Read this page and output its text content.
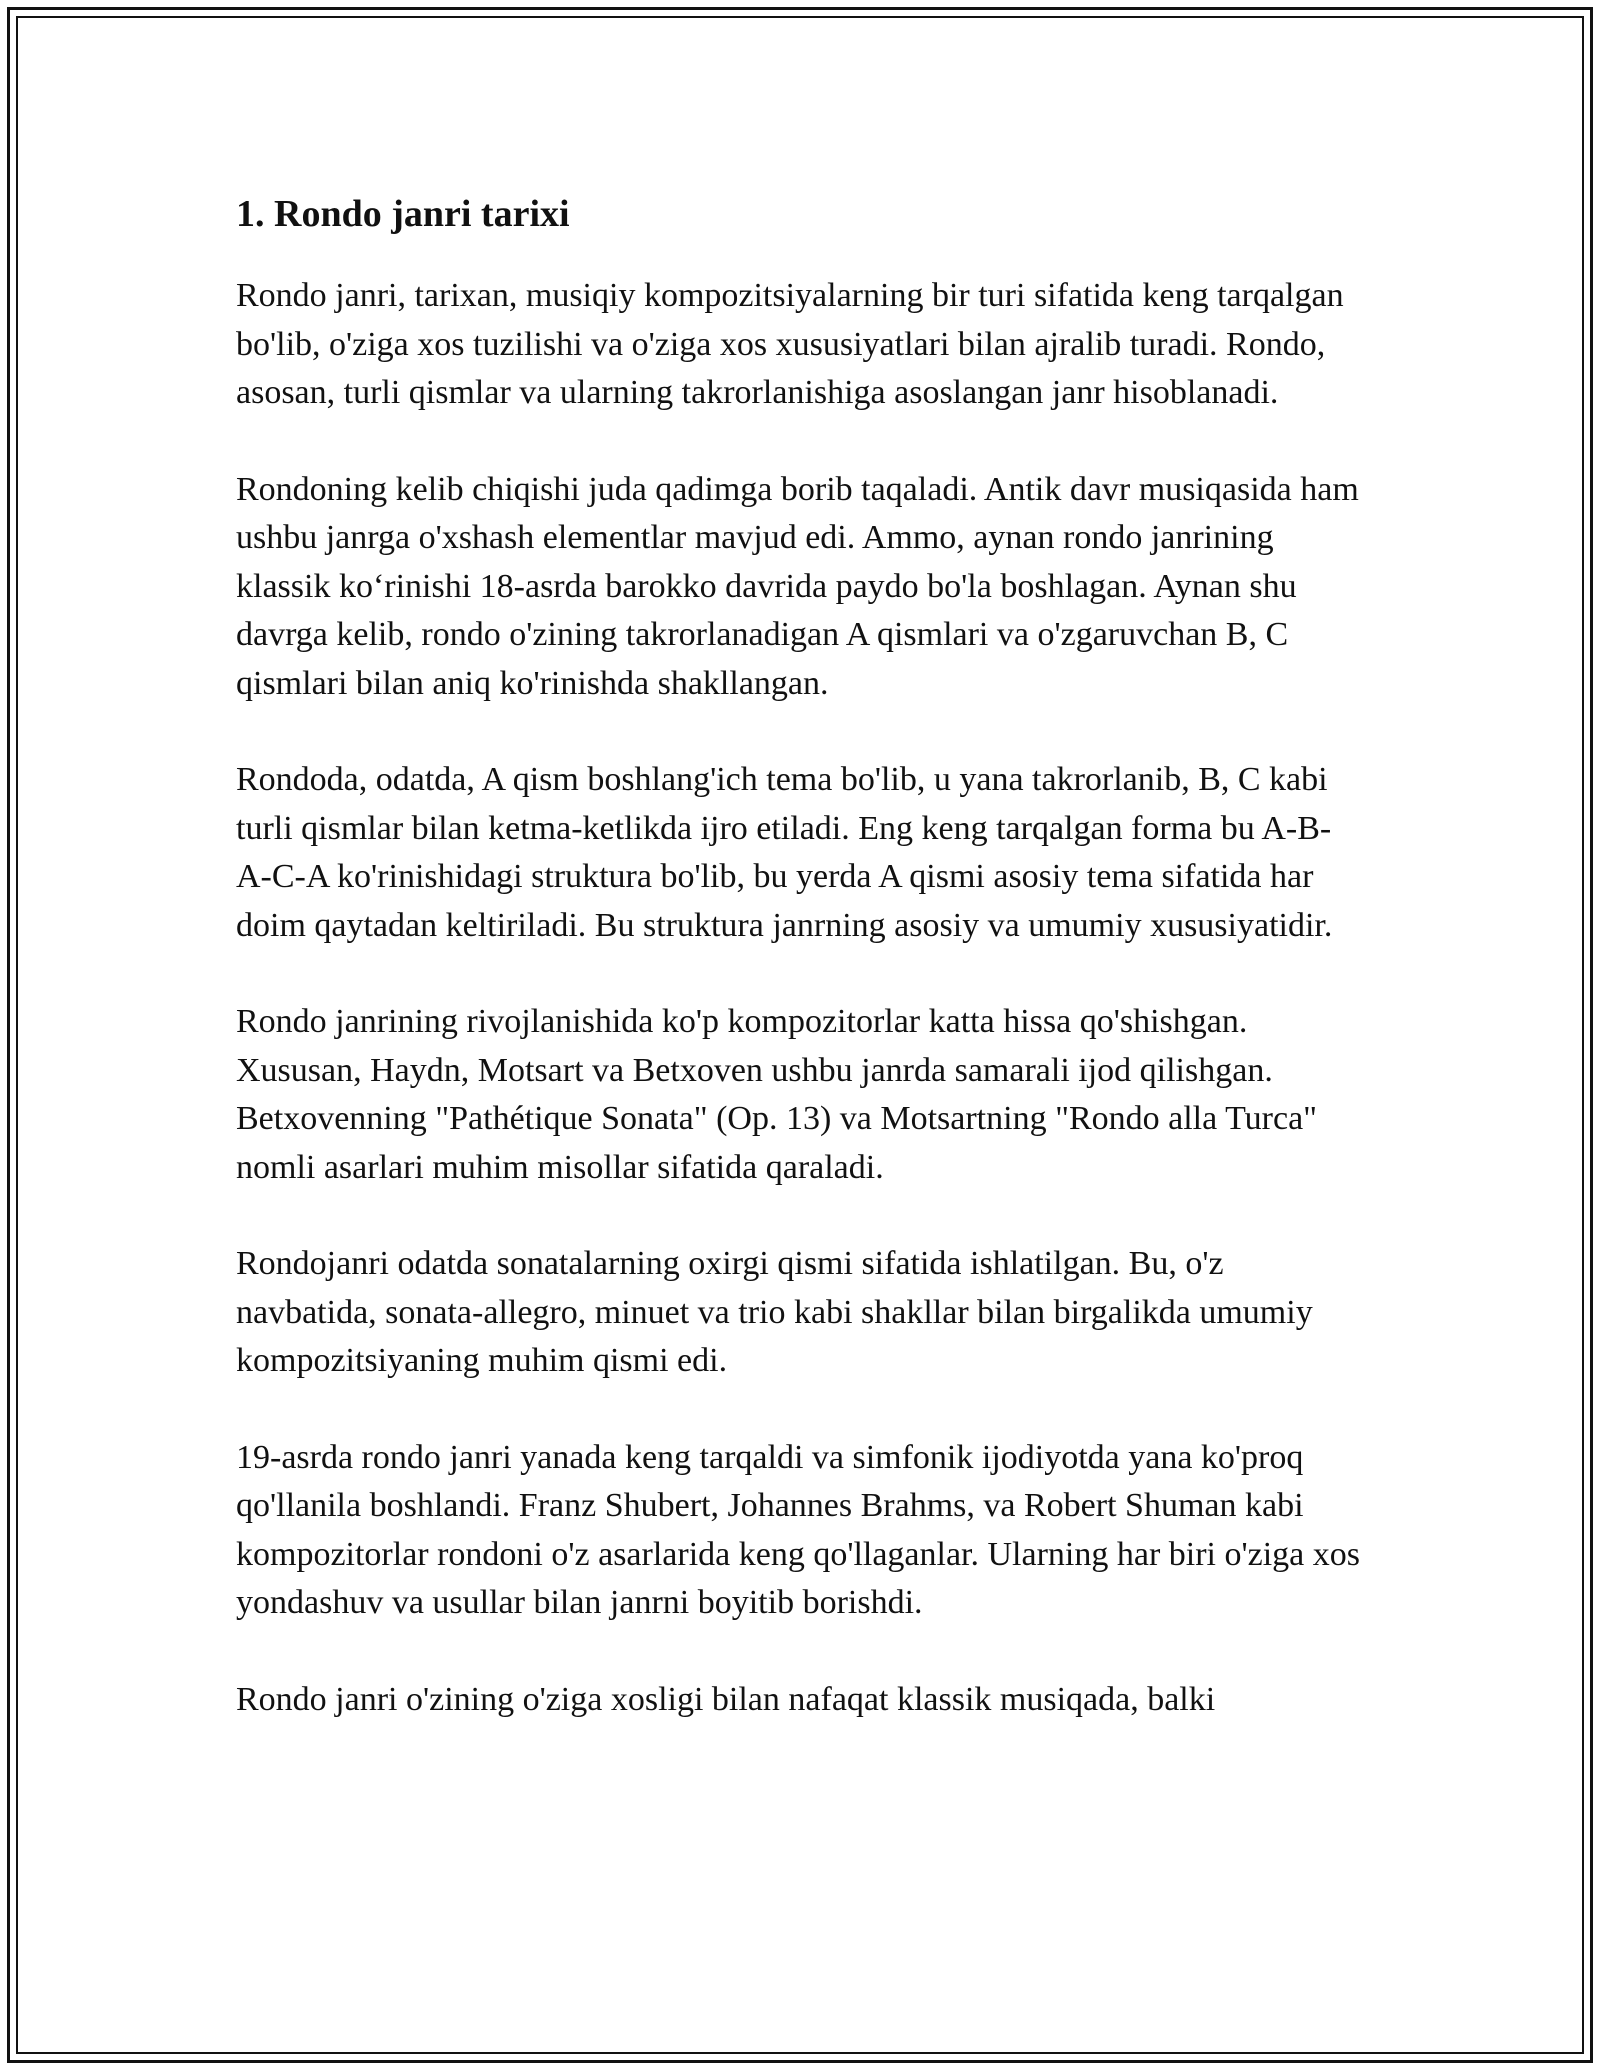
1. Rondo janri tarixi

Rondo janri, tarixan, musiqiy kompozitsiyalarning bir turi sifatida keng tarqalgan bo'lib, o'ziga xos tuzilishi va o'ziga xos xususiyatlari bilan ajralib turadi. Rondo, asosan, turli qismlar va ularning takrorlanishiga asoslangan janr hisoblanadi.

Rondoning kelib chiqishi juda qadimga borib taqaladi. Antik davr musiqasida ham ushbu janrga o'xshash elementlar mavjud edi. Ammo, aynan rondo janrining klassik koʻrinishi 18-asrda barokko davrida paydo bo'la boshlagan. Aynan shu davrga kelib, rondo o'zining takrorlanadigan A qismlari va o'zgaruvchan B, C qismlari bilan aniq ko'rinishda shakllangan.

Rondoda, odatda, A qism boshlang'ich tema bo'lib, u yana takrorlanib, B, C kabi turli qismlar bilan ketma-ketlikda ijro etiladi. Eng keng tarqalgan forma bu A-B-A-C-A ko'rinishidagi struktura bo'lib, bu yerda A qismi asosiy tema sifatida har doim qaytadan keltiriladi. Bu struktura janrning asosiy va umumiy xususiyatidir.

Rondo janrining rivojlanishida ko'p kompozitorlar katta hissa qo'shishgan. Xususan, Haydn, Motsart va Betxoven ushbu janrda samarali ijod qilishgan. Betxovenning "Pathétique Sonata" (Op. 13) va Motsartning "Rondo alla Turca" nomli asarlari muhim misollar sifatida qaraladi.

Rondojanri odatda sonatalarning oxirgi qismi sifatida ishlatilgan. Bu, o'z navbatida, sonata-allegro, minuet va trio kabi shakllar bilan birgalikda umumiy kompozitsiyaning muhim qismi edi.

19-asrda rondo janri yanada keng tarqaldi va simfonik ijodiyotda yana ko'proq qo'llanila boshlandi. Franz Shubert, Johannes Brahms, va Robert Shuman kabi kompozitorlar rondoni o'z asarlarida keng qo'llaganlar. Ularning har biri o'ziga xos yondashuv va usullar bilan janrni boyitib borishdi.

Rondo janri o'zining o'ziga xosligi bilan nafaqat klassik musiqada, balki
